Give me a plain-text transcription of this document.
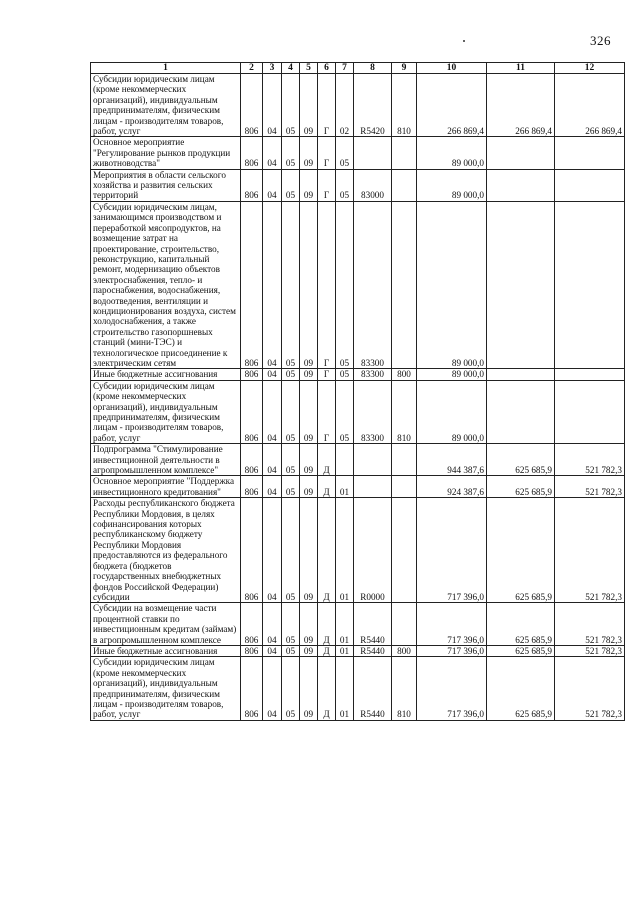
326
1	2	3	4	5	6	7	8	9	10	11	12
Субсидии юридическим лицам (кроме некоммерческих организаций), индивидуальным предпринимателям, физическим лицам - производителям товаров, работ, услуг	806	04	05	09	Г	02	R5420	810	266 869,4	266 869,4	266 869,4
Основное мероприятие "Регулирование рынков продукции животноводства"	806	04	05	09	Г	05			89 000,0		
Мероприятия в области сельского хозяйства и развития сельских территорий	806	04	05	09	Г	05	83000		89 000,0		
Субсидии юридическим лицам, занимающимся производством и переработкой мясопродуктов, на возмещение затрат на проектирование, строительство, реконструкцию, капитальный ремонт, модернизацию объектов электроснабжения, тепло- и пароснабжения, водоснабжения, водоотведения, вентиляции и кондиционирования воздуха, систем холодоснабжения, а также строительство газопоршневых станций (мини-ТЭС) и технологическое присоединение к электрическим сетям	806	04	05	09	Г	05	83300		89 000,0		
Иные бюджетные ассигнования	806	04	05	09	Г	05	83300	800	89 000,0		
Субсидии юридическим лицам (кроме некоммерческих организаций), индивидуальным предпринимателям, физическим лицам - производителям товаров, работ, услуг	806	04	05	09	Г	05	83300	810	89 000,0		
Подпрограмма "Стимулирование инвестиционной деятельности в агропромышленном комплексе"	806	04	05	09	Д				944 387,6	625 685,9	521 782,3
Основное мероприятие "Поддержка инвестиционного кредитования"	806	04	05	09	Д	01			924 387,6	625 685,9	521 782,3
Расходы республиканского бюджета Республики Мордовия, в целях софинансирования которых республиканскому бюджету Республики Мордовия предоставляются из федерального бюджета (бюджетов государственных внебюджетных фондов Российской Федерации) субсидии	806	04	05	09	Д	01	R0000		717 396,0	625 685,9	521 782,3
Субсидии на возмещение части процентной ставки по инвестиционным кредитам (займам) в агропромышленном комплексе	806	04	05	09	Д	01	R5440		717 396,0	625 685,9	521 782,3
Иные бюджетные ассигнования	806	04	05	09	Д	01	R5440	800	717 396,0	625 685,9	521 782,3
Субсидии юридическим лицам (кроме некоммерческих организаций), индивидуальным предпринимателям, физическим лицам - производителям товаров, работ, услуг	806	04	05	09	Д	01	R5440	810	717 396,0	625 685,9	521 782,3
